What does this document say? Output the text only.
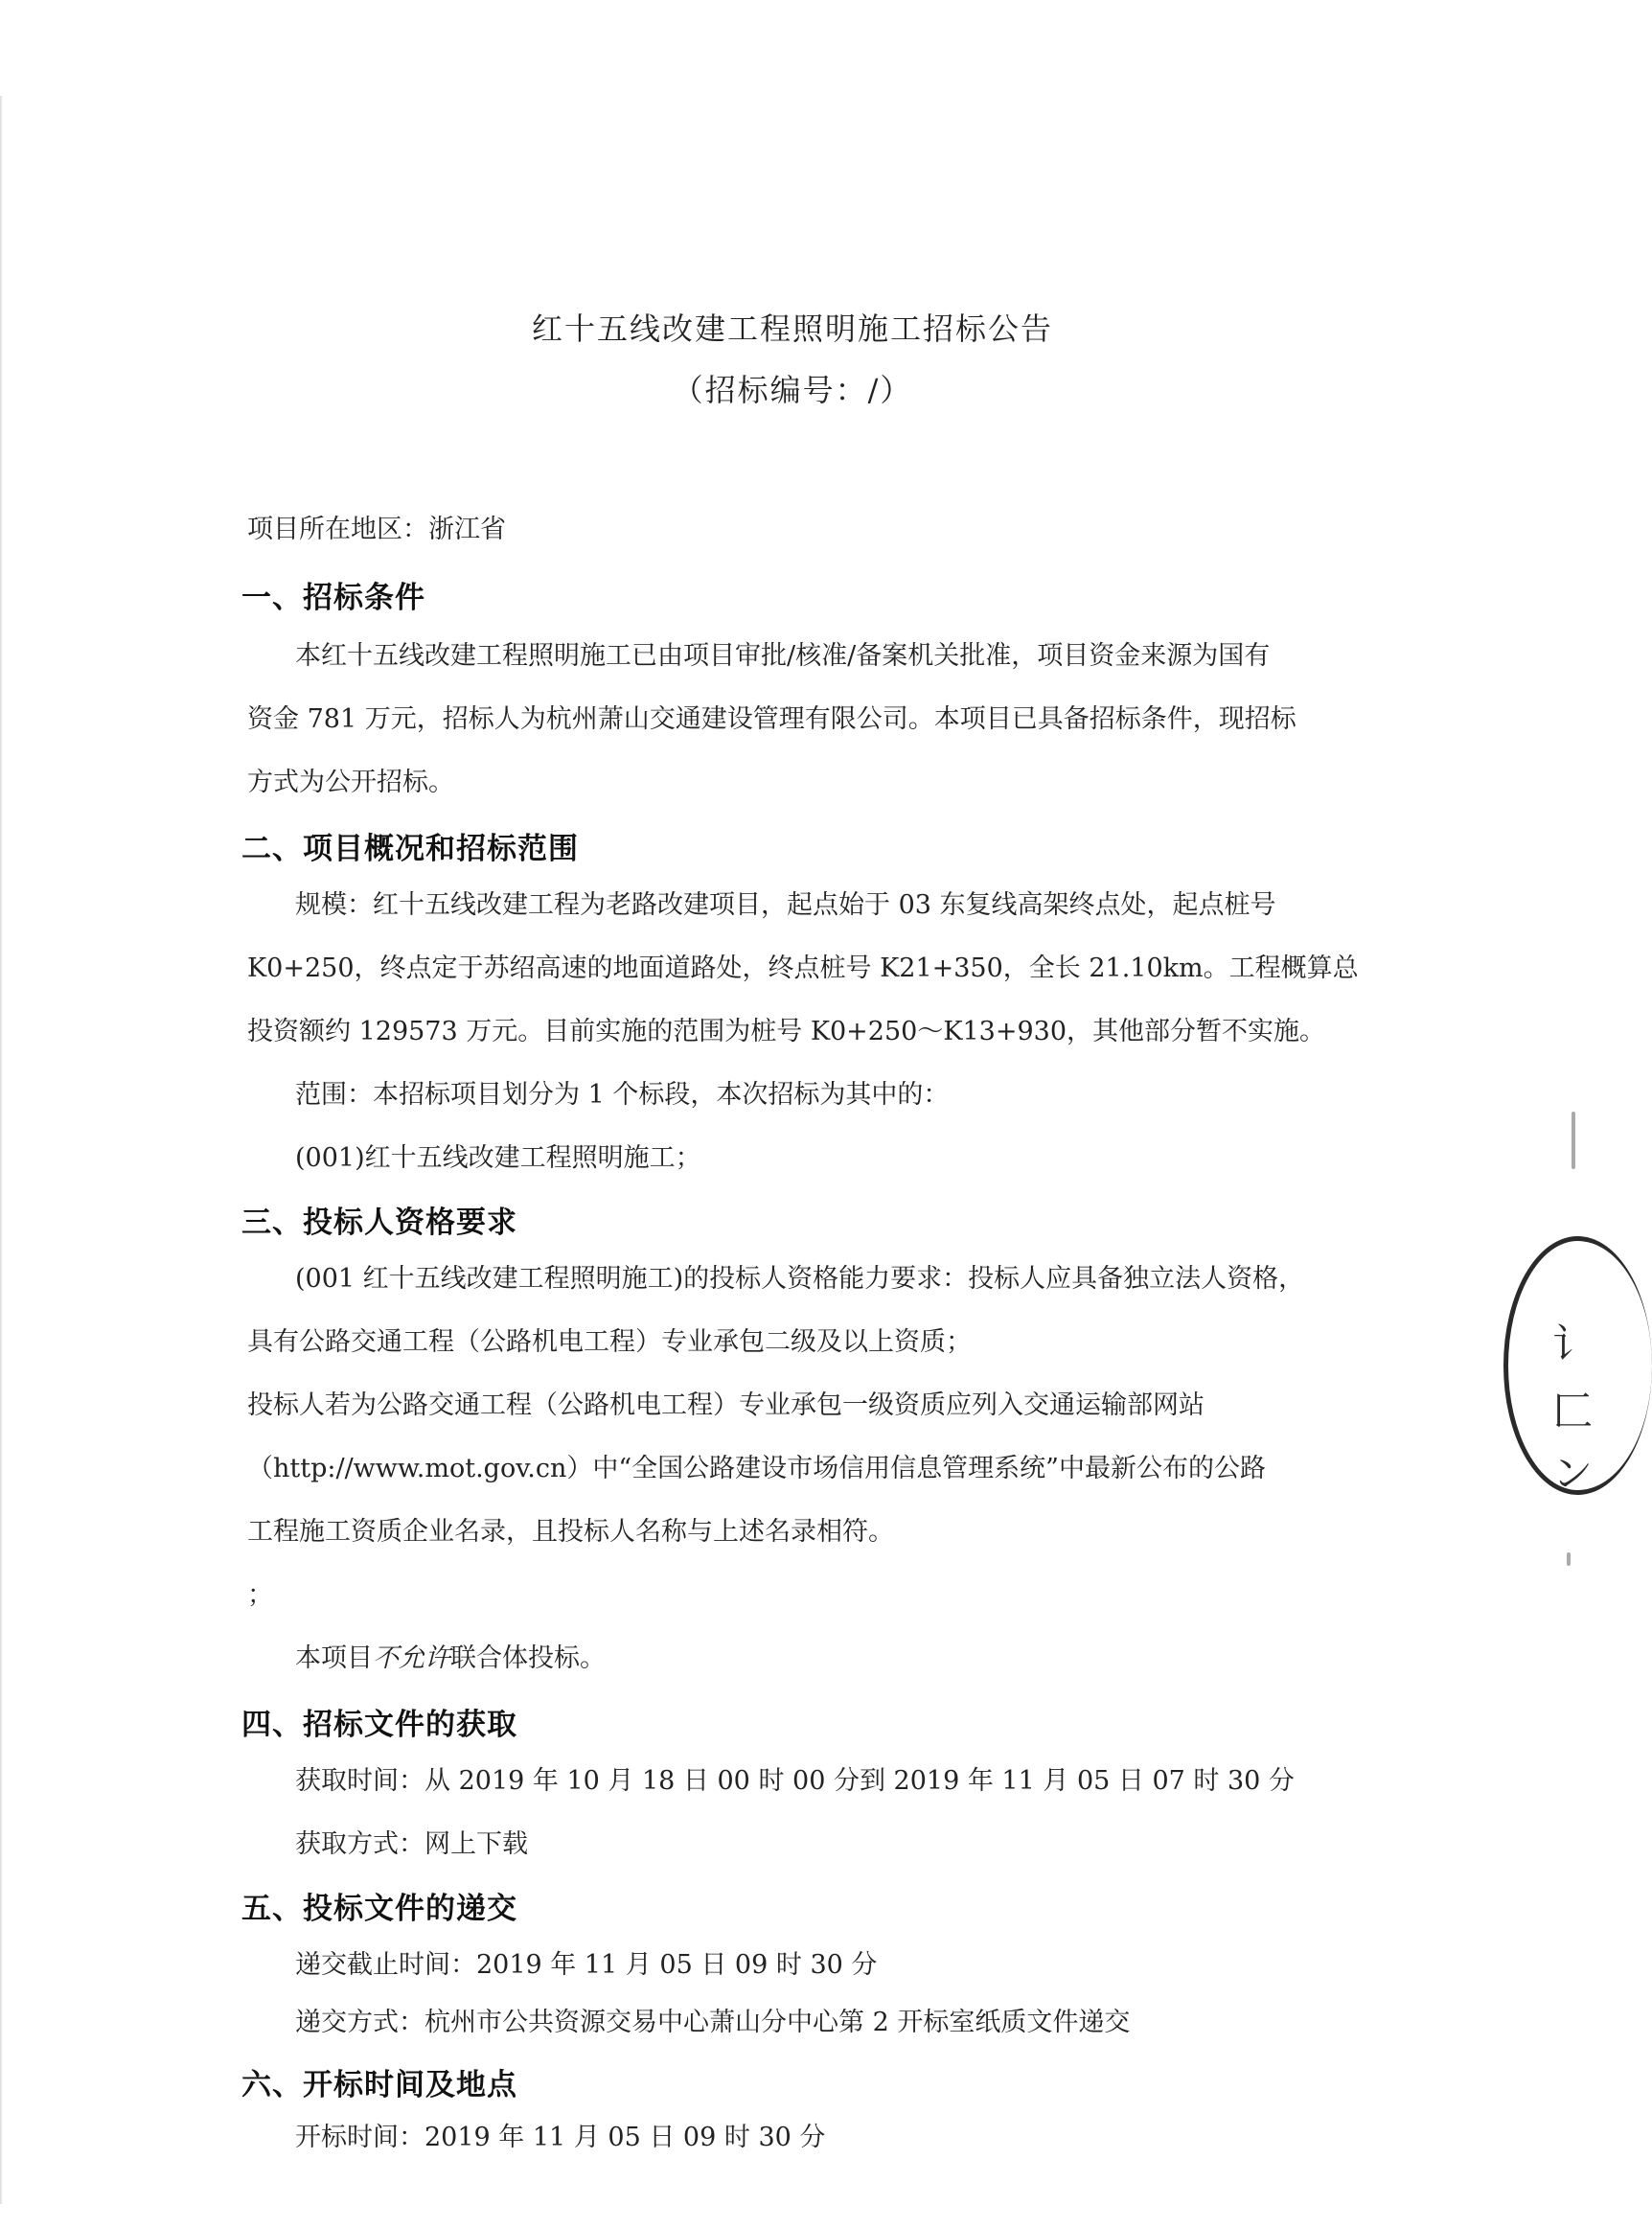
红十五线改建工程照明施工招标公告
（招标编号：/）
项目所在地区：浙江省
一、招标条件
本红十五线改建工程照明施工已由项目审批/核准/备案机关批准，项目资金来源为国有
资金 781 万元，招标人为杭州萧山交通建设管理有限公司。本项目已具备招标条件，现招标
方式为公开招标。
二、项目概况和招标范围
规模：红十五线改建工程为老路改建项目，起点始于 03 东复线高架终点处，起点桩号
K0+250，终点定于苏绍高速的地面道路处，终点桩号 K21+350，全长 21.10km。工程概算总
投资额约 129573 万元。目前实施的范围为桩号 K0+250～K13+930，其他部分暂不实施。
范围：本招标项目划分为 1 个标段，本次招标为其中的：
(001)红十五线改建工程照明施工；
三、投标人资格要求
(001 红十五线改建工程照明施工)的投标人资格能力要求：投标人应具备独立法人资格，
具有公路交通工程（公路机电工程）专业承包二级及以上资质；
投标人若为公路交通工程（公路机电工程）专业承包一级资质应列入交通运输部网站
（http://www.mot.gov.cn）中“全国公路建设市场信用信息管理系统”中最新公布的公路
工程施工资质企业名录，且投标人名称与上述名录相符。
；
本项目不允许联合体投标。
四、招标文件的获取
获取时间：从 2019 年 10 月 18 日 00 时 00 分到 2019 年 11 月 05 日 07 时 30 分
获取方式：网上下载
五、投标文件的递交
递交截止时间：2019 年 11 月 05 日 09 时 30 分
递交方式：杭州市公共资源交易中心萧山分中心第 2 开标室纸质文件递交
六、开标时间及地点
开标时间：2019 年 11 月 05 日 09 时 30 分
讠
匚
ン
